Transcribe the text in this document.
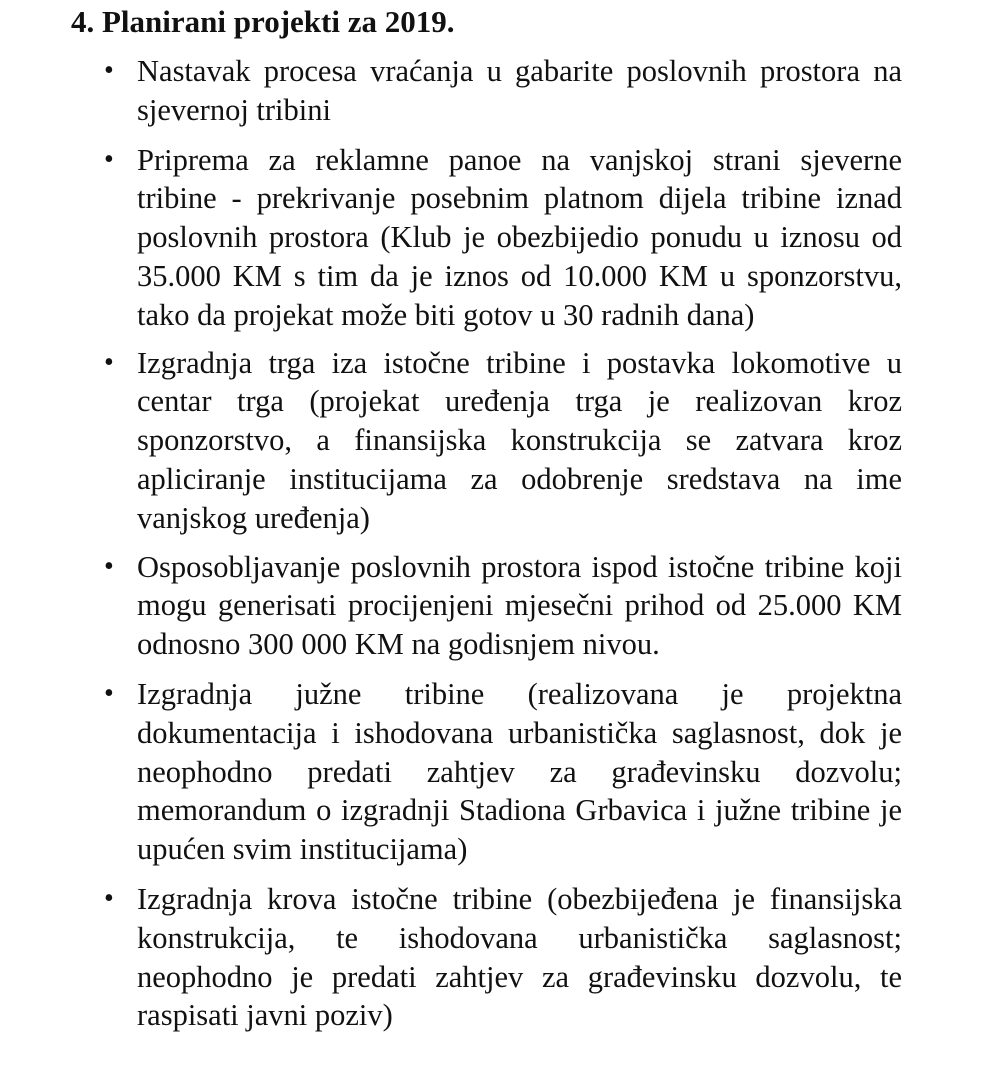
4. Planirani projekti za 2019.
• Nastavak procesa vraćanja u gabarite poslovnih prostora na sjevernoj tribini
• Priprema za reklamne panoe na vanjskoj strani sjeverne tribine - prekrivanje posebnim platnom dijela tribine iznad poslovnih prostora (Klub je obezbijedio ponudu u iznosu od 35.000 KM s tim da je iznos od 10.000 KM u sponzorstvu, tako da projekat može biti gotov u 30 radnih dana)
• Izgradnja trga iza istočne tribine i postavka lokomotive u centar trga (projekat uređenja trga je realizovan kroz sponzorstvo, a finansijska konstrukcija se zatvara kroz apliciranje institucijama za odobrenje sredstava na ime vanjskog uređenja)
• Osposobljavanje poslovnih prostora ispod istočne tribine koji mogu generisati procijenjeni mjesečni prihod od 25.000 KM odnosno 300 000 KM na godisnjem nivou.
• Izgradnja južne tribine (realizovana je projektna dokumentacija i ishodovana urbanistička saglasnost, dok je neophodno predati zahtjev za građevinsku dozvolu; memorandum o izgradnji Stadiona Grbavica i južne tribine je upućen svim institucijama)
• Izgradnja krova istočne tribine (obezbijeđena je finansijska konstrukcija, te ishodovana urbanistička saglasnost; neophodno je predati zahtjev za građevinsku dozvolu, te raspisati javni poziv)
